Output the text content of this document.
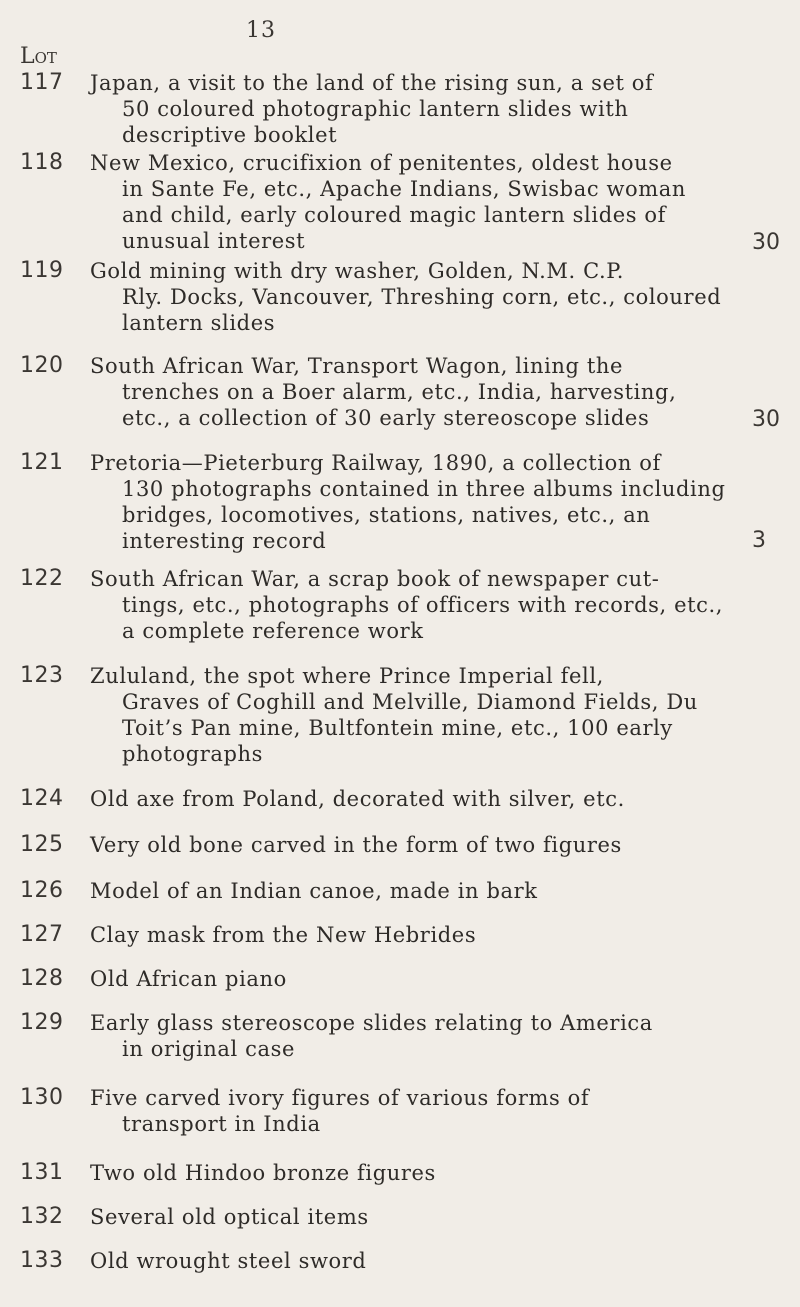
13
Lot
117 Japan, a visit to the land of the rising sun, a set of
50 coloured photographic lantern slides with descriptive booklet
118 New Mexico, crucifixion of penitentes, oldest house
in Sante Fe, etc., Apache Indians, Swisbac woman and child, early coloured magic lantern slides of unusual interest	30
119 Gold mining with dry washer, Golden, N.M. C.P.
Rly. Docks, Vancouver, Threshing corn, etc., coloured lantern slides
120 South African War, Transport Wagon, lining the
trenches on a Boer alarm, etc., India, harvesting, etc., a collection of 30 early stereoscope slides	30
121 Pretoria—Pieterburg Railway, 1890, a collection of
130 photographs contained in three albums including bridges, locomotives, stations, natives, etc., an interesting record	3
122 South African War, a scrap book of newspaper cut-
tings, etc., photographs of officers with records, etc., a complete reference work
123 Zululand, the spot where Prince Imperial fell,
Graves of Coghill and Melville, Diamond Fields, Du Toit’s Pan mine, Bultfontein mine, etc., 100 early photographs
124 Old axe from Poland, decorated with silver, etc.
125 Very old bone carved in the form of two figures
126 Model of an Indian canoe, made in bark
127 Clay mask from the New Hebrides
128 Old African piano
129 Early glass stereoscope slides relating to America
in original case
130 Five carved ivory figures of various forms of
transport in India
131 Two old Hindoo bronze figures
132 Several old optical items
133 Old wrought steel sword
